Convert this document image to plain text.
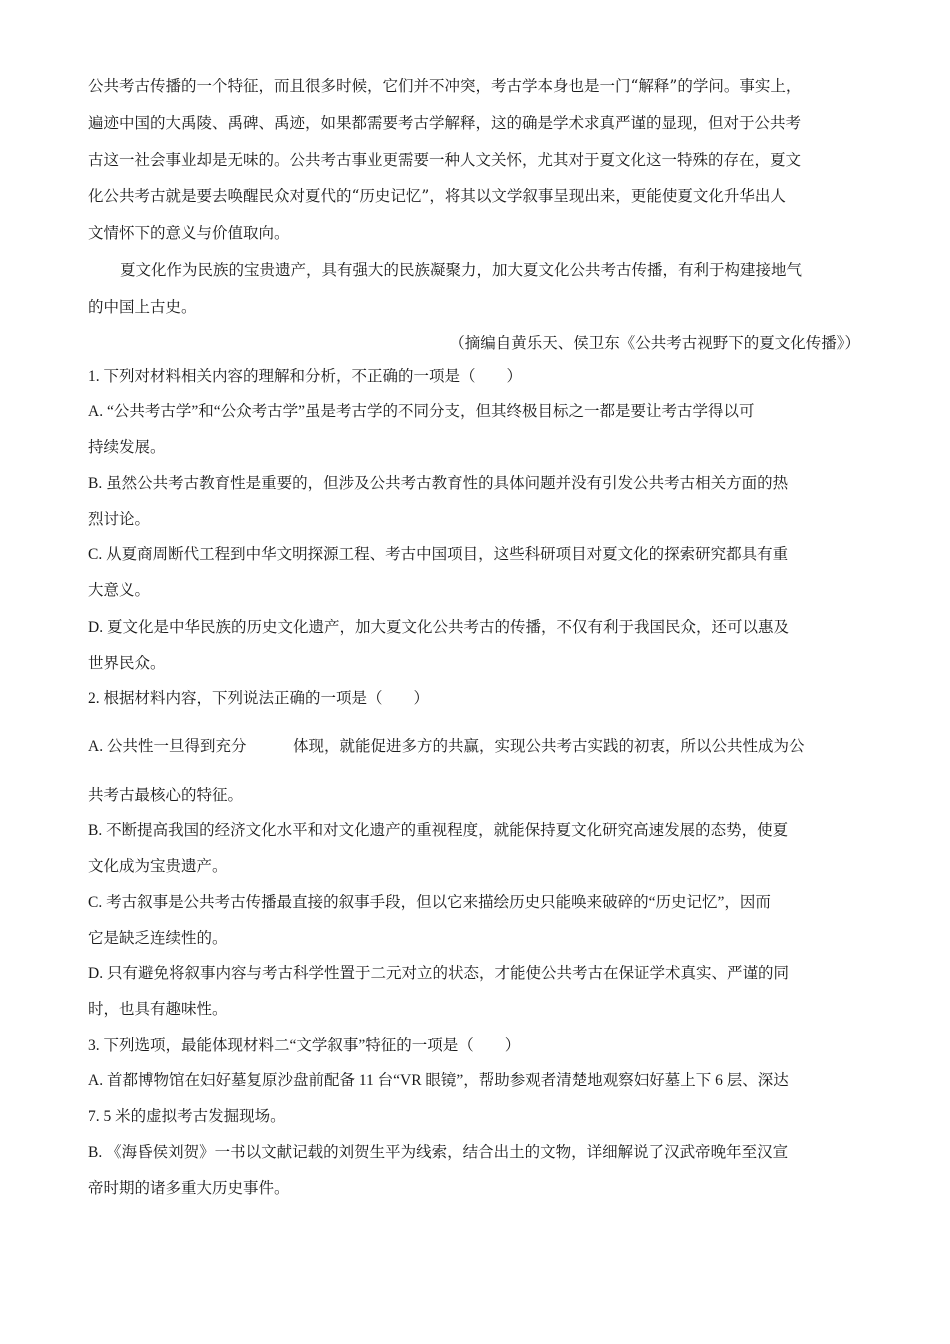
公共考古传播的一个特征，而且很多时候，它们并不冲突，考古学本身也是一门“解释”的学问。事实上，
遍迹中国的大禹陵、禹碑、禹迹，如果都需要考古学解释，这的确是学术求真严谨的显现，但对于公共考
古这一社会事业却是无味的。公共考古事业更需要一种人文关怀，尤其对于夏文化这一特殊的存在，夏文
化公共考古就是要去唤醒民众对夏代的“历史记忆”，将其以文学叙事呈现出来，更能使夏文化升华出人
文情怀下的意义与价值取向。
夏文化作为民族的宝贵遗产，具有强大的民族凝聚力，加大夏文化公共考古传播，有利于构建接地气
的中国上古史。
（摘编自黄乐天、侯卫东《公共考古视野下的夏文化传播》）
1. 下列对材料相关内容的理解和分析，不正确的一项是（　　）
A. “公共考古学”和“公众考古学”虽是考古学的不同分支，但其终极目标之一都是要让考古学得以可
持续发展。
B. 虽然公共考古教育性是重要的，但涉及公共考古教育性的具体问题并没有引发公共考古相关方面的热
烈讨论。
C. 从夏商周断代工程到中华文明探源工程、考古中国项目，这些科研项目对夏文化的探索研究都具有重
大意义。
D. 夏文化是中华民族的历史文化遗产，加大夏文化公共考古的传播，不仅有利于我国民众，还可以惠及
世界民众。
2. 根据材料内容，下列说法正确的一项是（　　）
A. 公共性一旦得到充分　　　体现，就能促进多方的共赢，实现公共考古实践的初衷，所以公共性成为公
共考古最核心的特征。
B. 不断提高我国的经济文化水平和对文化遗产的重视程度，就能保持夏文化研究高速发展的态势，使夏
文化成为宝贵遗产。
C. 考古叙事是公共考古传播最直接的叙事手段，但以它来描绘历史只能唤来破碎的“历史记忆”，因而
它是缺乏连续性的。
D. 只有避免将叙事内容与考古科学性置于二元对立的状态，才能使公共考古在保证学术真实、严谨的同
时，也具有趣味性。
3. 下列选项，最能体现材料二“文学叙事”特征的一项是（　　）
A. 首都博物馆在妇好墓复原沙盘前配备 11 台“VR 眼镜”，帮助参观者清楚地观察妇好墓上下 6 层、深达
7. 5 米的虚拟考古发掘现场。
B. 《海昏侯刘贺》一书以文献记载的刘贺生平为线索，结合出土的文物，详细解说了汉武帝晚年至汉宣
帝时期的诸多重大历史事件。
